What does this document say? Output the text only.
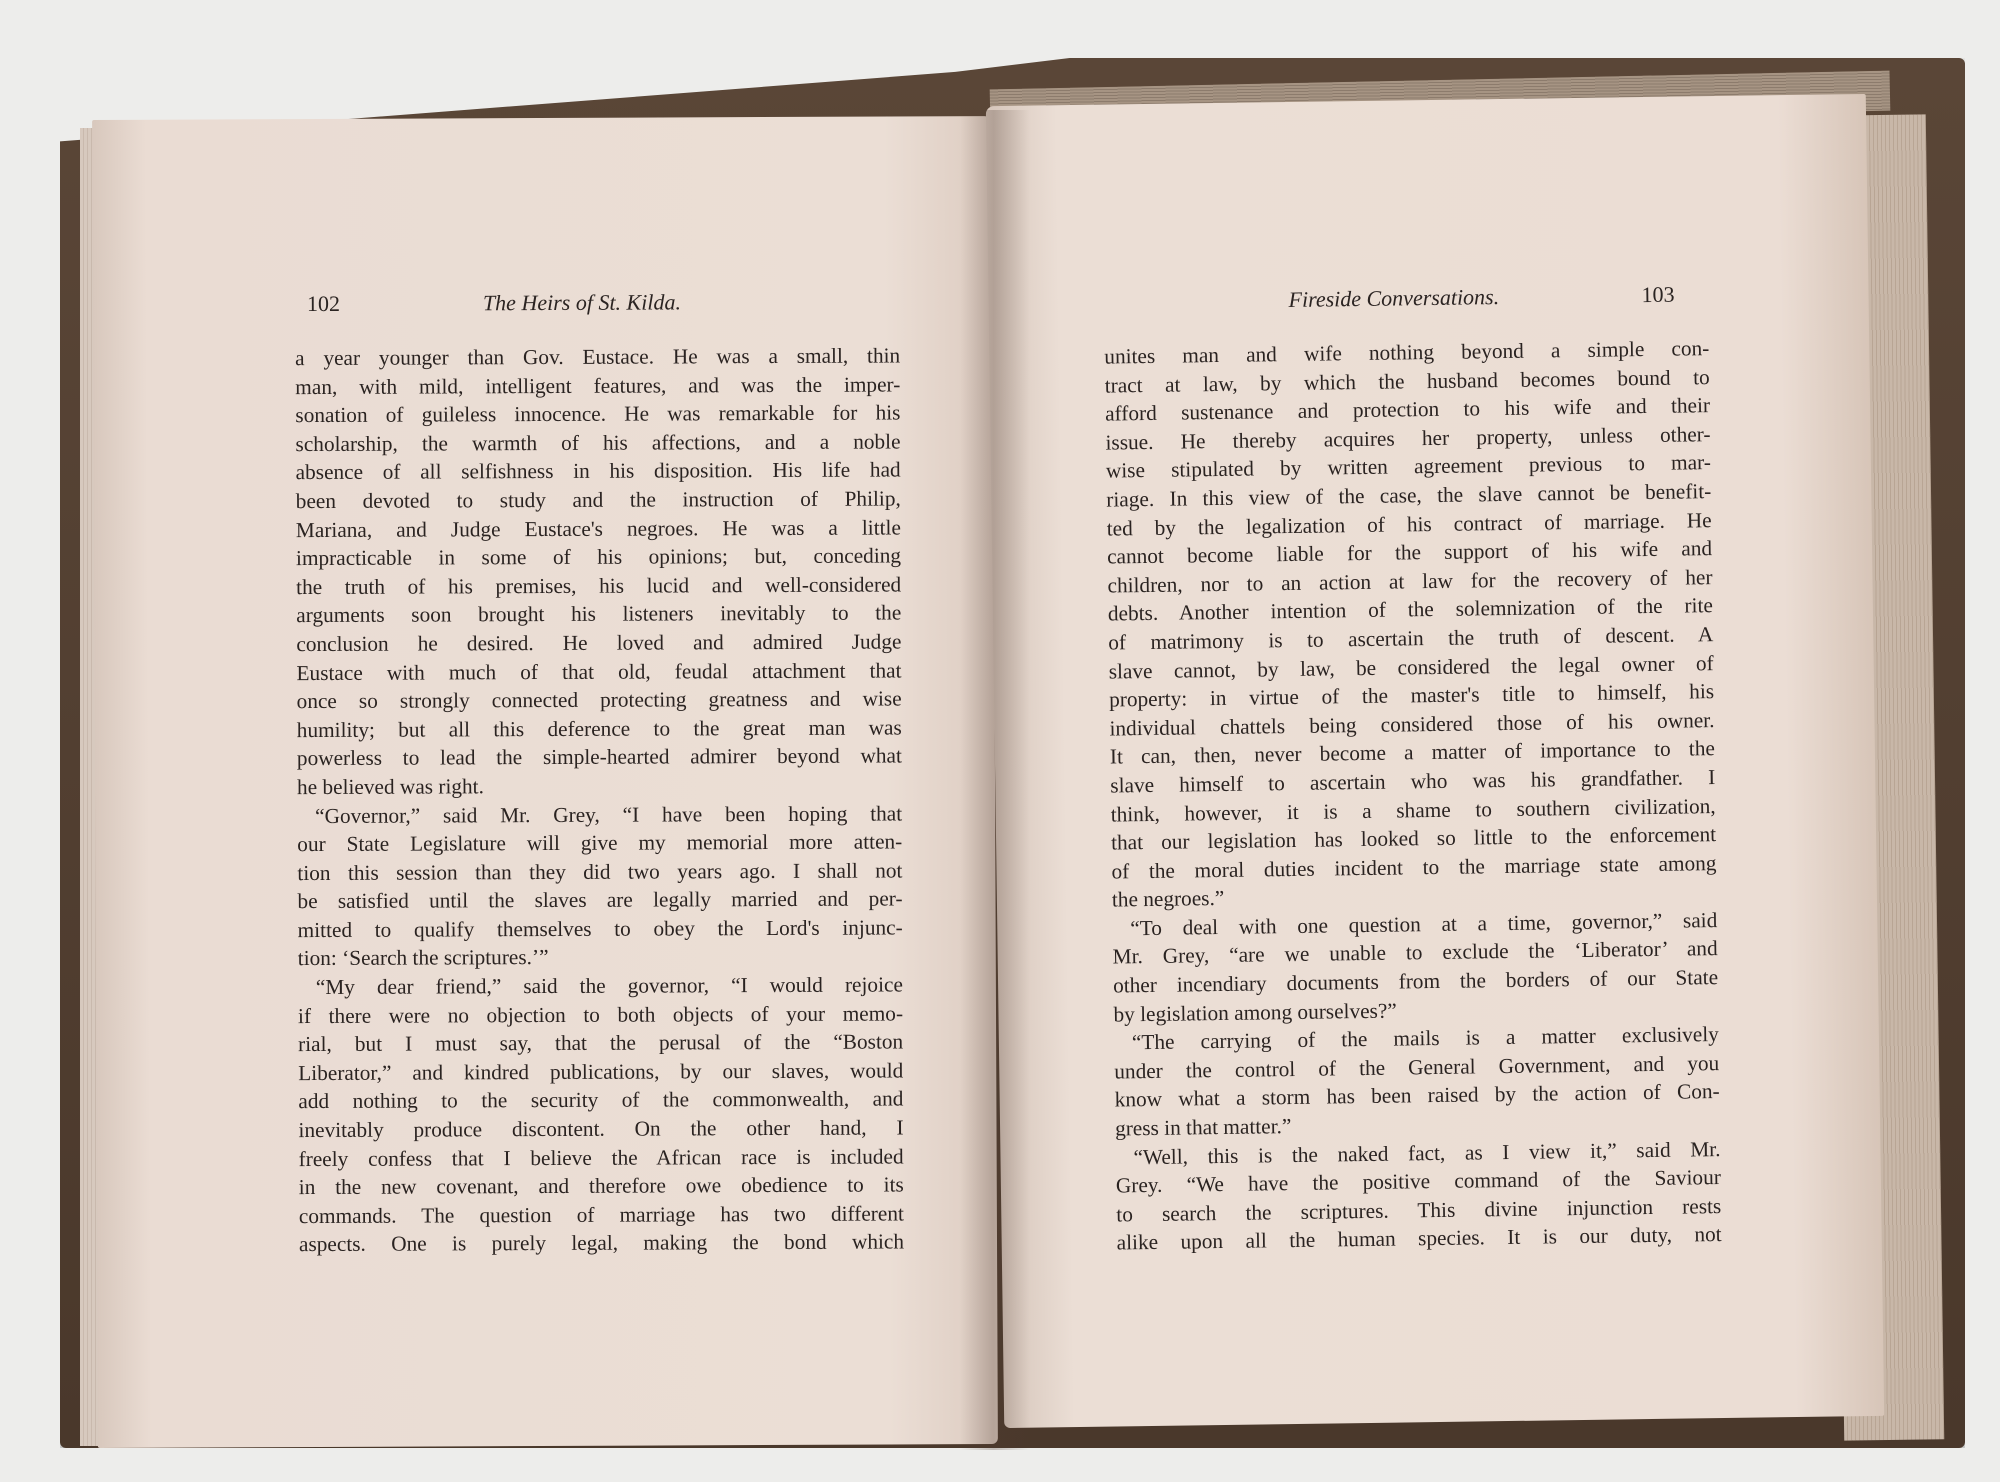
102	The Heirs of St. Kilda.
a year younger than Gov. Eustace. He was a small, thin
man, with mild, intelligent features, and was the imper-
sonation of guileless innocence. He was remarkable for his
scholarship, the warmth of his affections, and a noble
absence of all selfishness in his disposition. His life had
been devoted to study and the instruction of Philip,
Mariana, and Judge Eustace's negroes. He was a little
impracticable in some of his opinions; but, conceding
the truth of his premises, his lucid and well-considered
arguments soon brought his listeners inevitably to the
conclusion he desired. He loved and admired Judge
Eustace with much of that old, feudal attachment that
once so strongly connected protecting greatness and wise
humility; but all this deference to the great man was
powerless to lead the simple-hearted admirer beyond what
he believed was right.
“Governor,” said Mr. Grey, “I have been hoping that
our State Legislature will give my memorial more atten-
tion this session than they did two years ago. I shall not
be satisfied until the slaves are legally married and per-
mitted to qualify themselves to obey the Lord's injunc-
tion: ‘Search the scriptures.’”
“My dear friend,” said the governor, “I would rejoice
if there were no objection to both objects of your memo-
rial, but I must say, that the perusal of the “Boston
Liberator,” and kindred publications, by our slaves, would
add nothing to the security of the commonwealth, and
inevitably produce discontent. On the other hand, I
freely confess that I believe the African race is included
in the new covenant, and therefore owe obedience to its
commands. The question of marriage has two different
aspects. One is purely legal, making the bond which
Fireside Conversations.	103
unites man and wife nothing beyond a simple con-
tract at law, by which the husband becomes bound to
afford sustenance and protection to his wife and their
issue. He thereby acquires her property, unless other-
wise stipulated by written agreement previous to mar-
riage. In this view of the case, the slave cannot be benefit-
ted by the legalization of his contract of marriage. He
cannot become liable for the support of his wife and
children, nor to an action at law for the recovery of her
debts. Another intention of the solemnization of the rite
of matrimony is to ascertain the truth of descent. A
slave cannot, by law, be considered the legal owner of
property: in virtue of the master's title to himself, his
individual chattels being considered those of his owner.
It can, then, never become a matter of importance to the
slave himself to ascertain who was his grandfather. I
think, however, it is a shame to southern civilization,
that our legislation has looked so little to the enforcement
of the moral duties incident to the marriage state among
the negroes.”
“To deal with one question at a time, governor,” said
Mr. Grey, “are we unable to exclude the ‘Liberator’ and
other incendiary documents from the borders of our State
by legislation among ourselves?”
“The carrying of the mails is a matter exclusively
under the control of the General Government, and you
know what a storm has been raised by the action of Con-
gress in that matter.”
“Well, this is the naked fact, as I view it,” said Mr.
Grey. “We have the positive command of the Saviour
to search the scriptures. This divine injunction rests
alike upon all the human species. It is our duty, not
